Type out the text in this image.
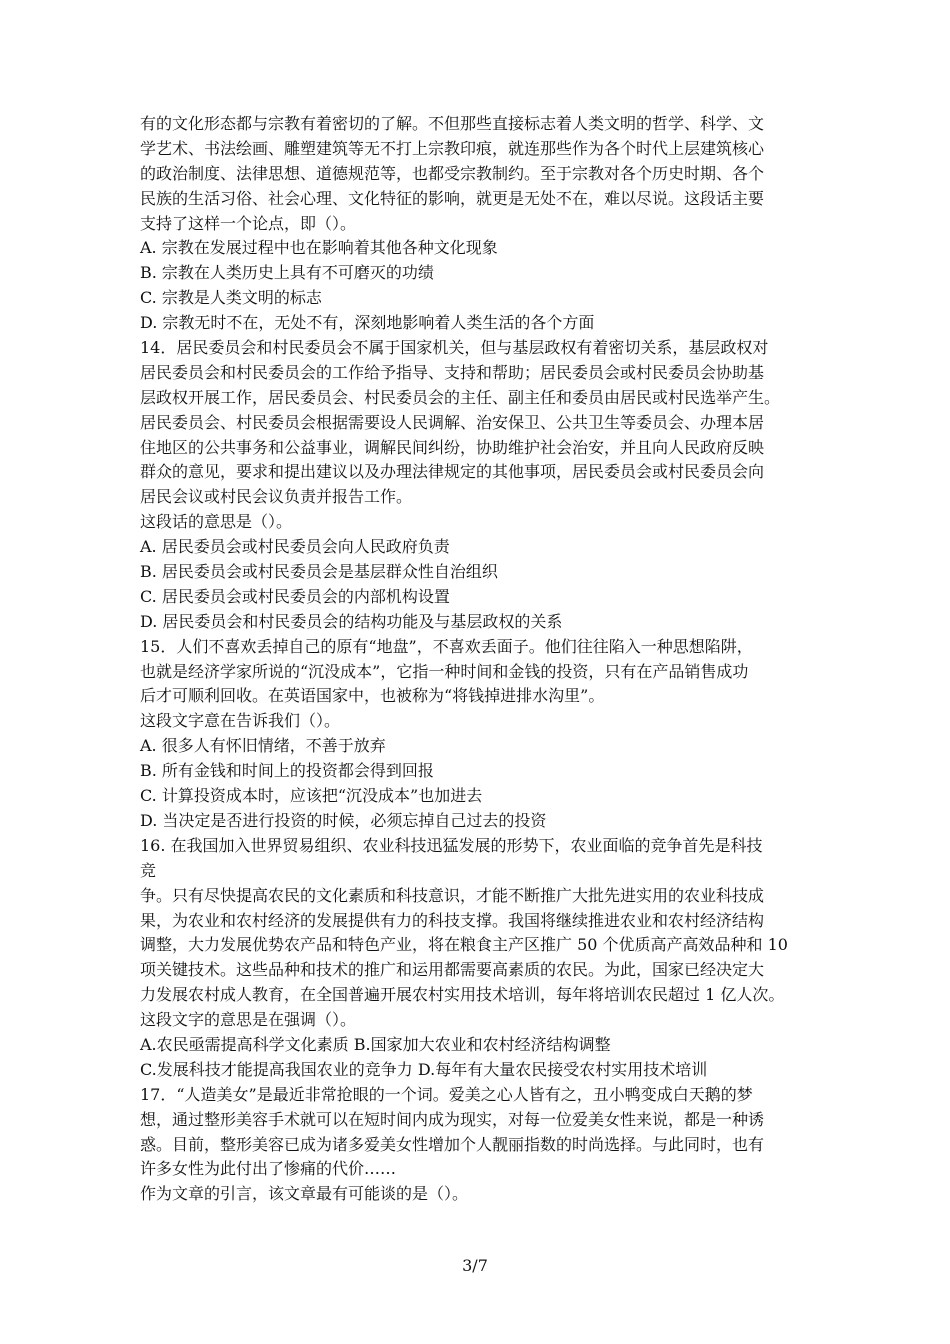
有的文化形态都与宗教有着密切的了解。不但那些直接标志着人类文明的哲学、科学、文
学艺术、书法绘画、雕塑建筑等无不打上宗教印痕，就连那些作为各个时代上层建筑核心
的政治制度、法律思想、道德规范等，也都受宗教制约。至于宗教对各个历史时期、各个
民族的生活习俗、社会心理、文化特征的影响，就更是无处不在，难以尽说。这段话主要
支持了这样一个论点，即（）。
A. 宗教在发展过程中也在影响着其他各种文化现象
B. 宗教在人类历史上具有不可磨灭的功绩
C. 宗教是人类文明的标志
D. 宗教无时不在，无处不有，深刻地影响着人类生活的各个方面
14．居民委员会和村民委员会不属于国家机关，但与基层政权有着密切关系，基层政权对
居民委员会和村民委员会的工作给予指导、支持和帮助；居民委员会或村民委员会协助基
层政权开展工作，居民委员会、村民委员会的主任、副主任和委员由居民或村民选举产生。
居民委员会、村民委员会根据需要设人民调解、治安保卫、公共卫生等委员会、办理本居
住地区的公共事务和公益事业，调解民间纠纷，协助维护社会治安，并且向人民政府反映
群众的意见，要求和提出建议以及办理法律规定的其他事项，居民委员会或村民委员会向
居民会议或村民会议负责并报告工作。
这段话的意思是（）。
A. 居民委员会或村民委员会向人民政府负责
B. 居民委员会或村民委员会是基层群众性自治组织
C. 居民委员会或村民委员会的内部机构设置
D. 居民委员会和村民委员会的结构功能及与基层政权的关系
15．人们不喜欢丢掉自己的原有“地盘”，不喜欢丢面子。他们往往陷入一种思想陷阱，
也就是经济学家所说的“沉没成本”，它指一种时间和金钱的投资，只有在产品销售成功
后才可顺利回收。在英语国家中，也被称为“将钱掉进排水沟里”。
这段文字意在告诉我们（）。
A. 很多人有怀旧情绪，不善于放弃
B. 所有金钱和时间上的投资都会得到回报
C. 计算投资成本时，应该把“沉没成本”也加进去
D. 当决定是否进行投资的时候，必须忘掉自己过去的投资
16. 在我国加入世界贸易组织、农业科技迅猛发展的形势下，农业面临的竞争首先是科技
竞
争。只有尽快提高农民的文化素质和科技意识，才能不断推广大批先进实用的农业科技成
果，为农业和农村经济的发展提供有力的科技支撑。我国将继续推进农业和农村经济结构
调整，大力发展优势农产品和特色产业，将在粮食主产区推广 50 个优质高产高效品种和 10
项关键技术。这些品种和技术的推广和运用都需要高素质的农民。为此，国家已经决定大
力发展农村成人教育，在全国普遍开展农村实用技术培训，每年将培训农民超过 1 亿人次。
这段文字的意思是在强调（）。
A.农民亟需提高科学文化素质 B.国家加大农业和农村经济结构调整
C.发展科技才能提高我国农业的竞争力 D.每年有大量农民接受农村实用技术培训
17．“人造美女”是最近非常抢眼的一个词。爱美之心人皆有之，丑小鸭变成白天鹅的梦
想，通过整形美容手术就可以在短时间内成为现实，对每一位爱美女性来说，都是一种诱
惑。目前，整形美容已成为诸多爱美女性增加个人靓丽指数的时尚选择。与此同时，也有
许多女性为此付出了惨痛的代价……
作为文章的引言，该文章最有可能谈的是（）。
3/7
